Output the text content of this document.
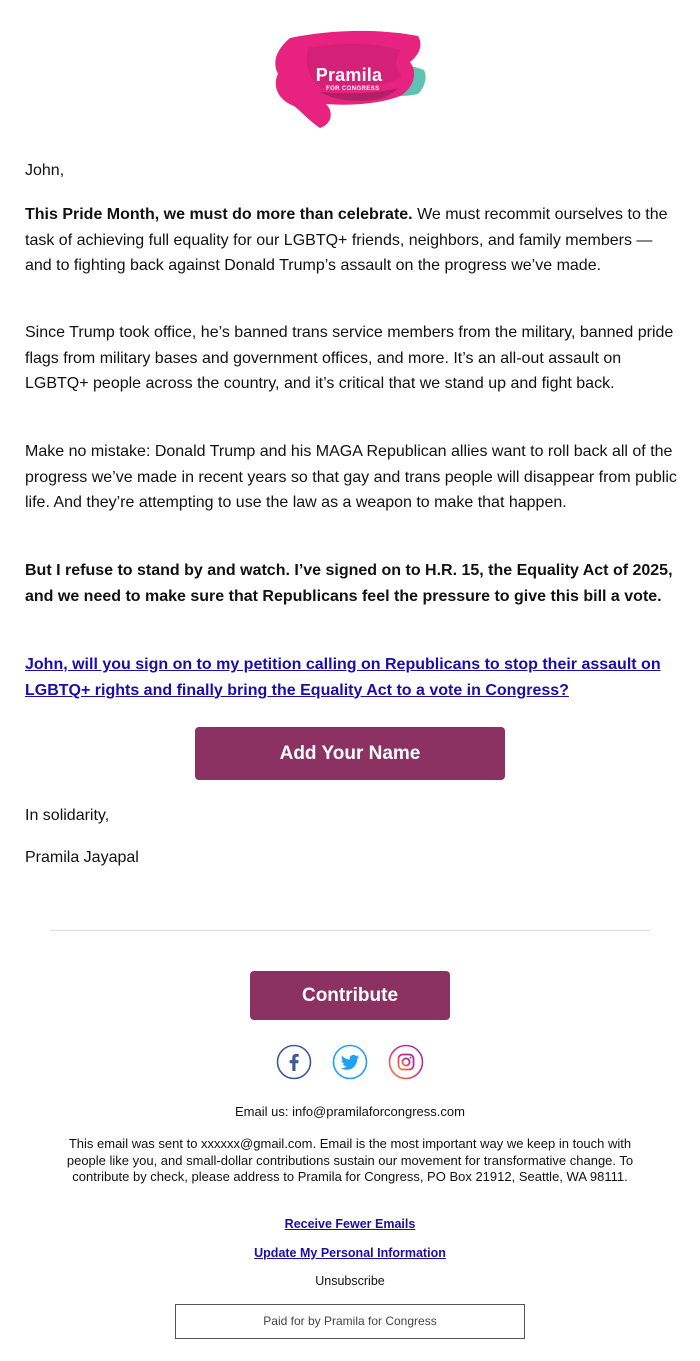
Pramila
FOR CONGRESS

John,

This Pride Month, we must do more than celebrate. We must recommit ourselves to the task of achieving full equality for our LGBTQ+ friends, neighbors, and family members — and to fighting back against Donald Trump’s assault on the progress we’ve made.

Since Trump took office, he’s banned trans service members from the military, banned pride flags from military bases and government offices, and more. It’s an all-out assault on LGBTQ+ people across the country, and it’s critical that we stand up and fight back.

Make no mistake: Donald Trump and his MAGA Republican allies want to roll back all of the progress we’ve made in recent years so that gay and trans people will disappear from public life. And they’re attempting to use the law as a weapon to make that happen.

But I refuse to stand by and watch. I’ve signed on to H.R. 15, the Equality Act of 2025, and we need to make sure that Republicans feel the pressure to give this bill a vote.

John, will you sign on to my petition calling on Republicans to stop their assault on LGBTQ+ rights and finally bring the Equality Act to a vote in Congress?

Add Your Name

In solidarity,

Pramila Jayapal

Contribute
Email us: info@pramilaforcongress.com

This email was sent to xxxxxx@gmail.com. Email is the most important way we keep in touch with people like you, and small-dollar contributions sustain our movement for transformative change. To contribute by check, please address to Pramila for Congress, PO Box 21912, Seattle, WA 98111.

Receive Fewer Emails
Update My Personal Information
Unsubscribe
Paid for by Pramila for Congress
